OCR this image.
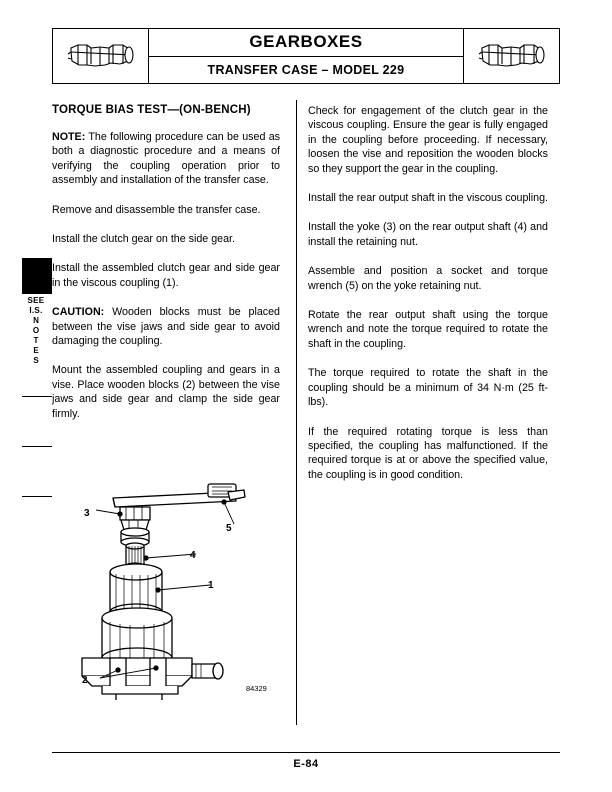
GEARBOXES
TRANSFER CASE – MODEL 229
SEE
I.S.
N
O
T
E
S
TORQUE BIAS TEST—(ON-BENCH)

NOTE: The following procedure can be used as both a diagnostic procedure and a means of verifying the coupling operation prior to assembly and installation of the transfer case.

Remove and disassemble the transfer case.

Install the clutch gear on the side gear.

Install the assembled clutch gear and side gear in the viscous coupling (1).

CAUTION: Wooden blocks must be placed between the vise jaws and side gear to avoid damaging the coupling.

Mount the assembled coupling and gears in a vise. Place wooden blocks (2) between the vise jaws and side gear and clamp the side gear firmly.

Check for engagement of the clutch gear in the viscous coupling. Ensure the gear is fully engaged in the coupling before proceeding. If necessary, loosen the vise and reposition the wooden blocks so they support the gear in the coupling.

Install the rear output shaft in the viscous coupling.

Install the yoke (3) on the rear output shaft (4) and install the retaining nut.

Assemble and position a socket and torque wrench (5) on the yoke retaining nut.

Rotate the rear output shaft using the torque wrench and note the torque required to rotate the shaft in the coupling.

The torque required to rotate the shaft in the coupling should be a minimum of 34 N·m (25 ft-lbs).

If the required rotating torque is less than specified, the coupling has malfunctioned. If the required torque is at or above the specified value, the coupling is in good condition.

3
5
4
1
2
84329
E-84
